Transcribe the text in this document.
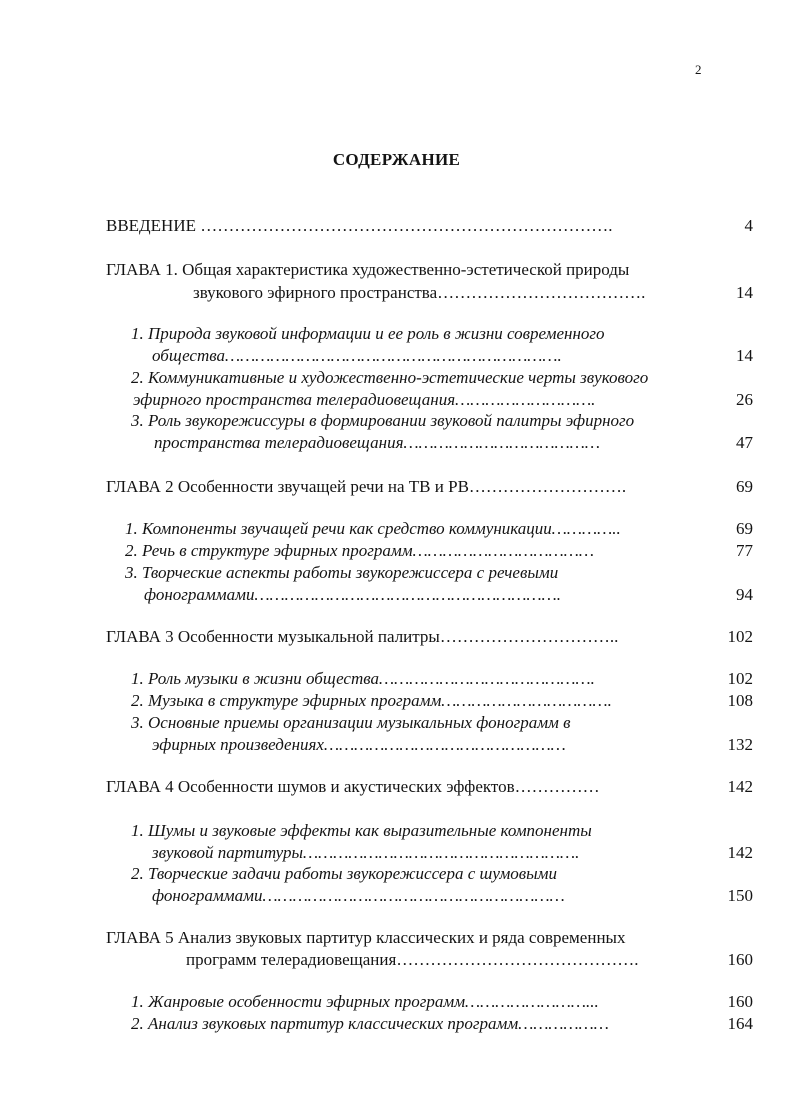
2
СОДЕРЖАНИЕ
ВВЕДЕНИЕ ……………………………………………………………….	4
ГЛАВА 1. Общая характеристика художественно-эстетической природы
звукового эфирного пространства……………………………….	14
1. Природа звуковой информации и ее роль в жизни современного
общества………………………………………………………….	14
2. Коммуникативные и художественно-эстетические черты звукового
эфирного пространства телерадиовещания……………………….	26
3. Роль звукорежиссуры в формировании звуковой палитры эфирного
пространства телерадиовещания…………………………………	47
ГЛАВА 2 Особенности звучащей речи на ТВ и РВ……………………….	69
1. Компоненты звучащей речи как средство коммуникации…………..	69
2. Речь в структуре эфирных программ………………………………	77
3. Творческие аспекты работы звукорежиссера с речевыми
фонограммами…………………………………………………….	94
ГЛАВА 3 Особенности музыкальной палитры…………………………..	102
1. Роль музыки в жизни общества…………………………………….	102
2. Музыка в структуре эфирных программ…………………………….	108
3. Основные приемы организации музыкальных фонограмм в
эфирных произведениях…………………………………………	132
ГЛАВА 4 Особенности шумов и акустических эффектов……………	142
1. Шумы и звуковые эффекты как выразительные компоненты
звуковой партитуры……………………………………………….	142
2. Творческие задачи работы звукорежиссера с шумовыми
фонограммами……………………………………………………	150
ГЛАВА 5 Анализ звуковых партитур классических и ряда современных
программ телерадиовещания…………………………………….	160
1. Жанровые особенности эфирных программ……………………...	160
2. Анализ звуковых партитур классических программ………………	164
